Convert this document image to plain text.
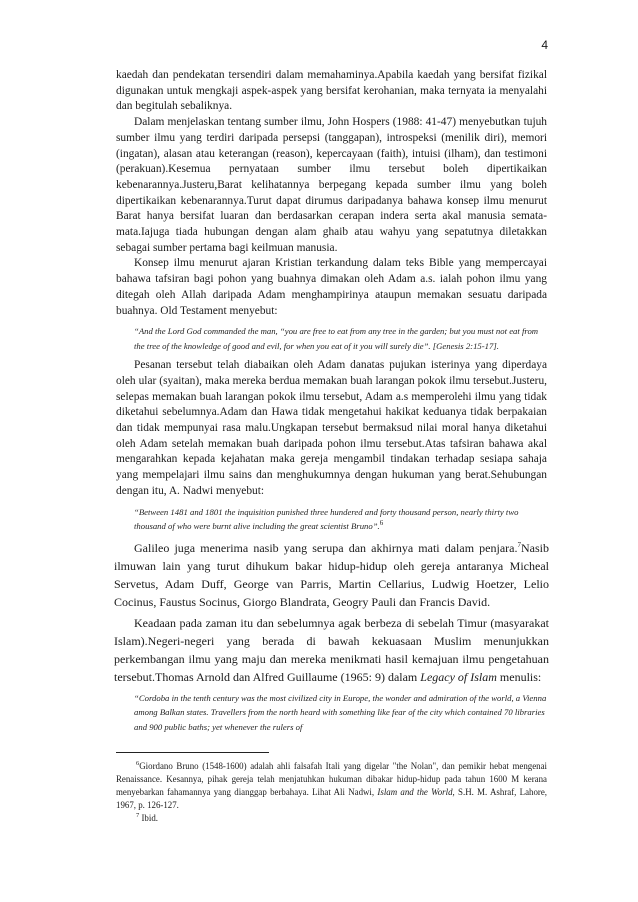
4

kaedah dan pendekatan tersendiri dalam memahaminya.Apabila kaedah yang bersifat fizikal digunakan untuk mengkaji aspek-aspek yang bersifat kerohanian, maka ternyata ia menyalahi dan begitulah sebaliknya.

Dalam menjelaskan tentang sumber ilmu, John Hospers (1988: 41-47) menyebutkan tujuh sumber ilmu yang terdiri daripada persepsi (tanggapan), introspeksi (menilik diri), memori (ingatan), alasan atau keterangan (reason), kepercayaan (faith), intuisi (ilham), dan testimoni (perakuan).Kesemua pernyataan sumber ilmu tersebut boleh dipertikaikan kebenarannya.Justeru,Barat kelihatannya berpegang kepada sumber ilmu yang boleh dipertikaikan kebenarannya.Turut dapat dirumus daripadanya bahawa konsep ilmu menurut Barat hanya bersifat luaran dan berdasarkan cerapan indera serta akal manusia semata-mata.Iajuga tiada hubungan dengan alam ghaib atau wahyu yang sepatutnya diletakkan sebagai sumber pertama bagi keilmuan manusia.

Konsep ilmu menurut ajaran Kristian terkandung dalam teks Bible yang mempercayai bahawa tafsiran bagi pohon yang buahnya dimakan oleh Adam a.s. ialah pohon ilmu yang ditegah oleh Allah daripada Adam menghampirinya ataupun memakan sesuatu daripada buahnya. Old Testament menyebut:

“And the Lord God commanded the man, “you are free to eat from any tree in the garden; but you must not eat from the tree of the knowledge of good and evil, for when you eat of it you will surely die”. [Genesis 2:15-17].

Pesanan tersebut telah diabaikan oleh Adam danatas pujukan isterinya yang diperdaya oleh ular (syaitan), maka mereka berdua memakan buah larangan pokok ilmu tersebut.Justeru, selepas memakan buah larangan pokok ilmu tersebut, Adam a.s memperolehi ilmu yang tidak diketahui sebelumnya.Adam dan Hawa tidak mengetahui hakikat keduanya tidak berpakaian dan tidak mempunyai rasa malu.Ungkapan tersebut bermaksud nilai moral hanya diketahui oleh Adam setelah memakan buah daripada pohon ilmu tersebut.Atas tafsiran bahawa akal mengarahkan kepada kejahatan maka gereja mengambil tindakan terhadap sesiapa sahaja yang mempelajari ilmu sains dan menghukumnya dengan hukuman yang berat.Sehubungan dengan itu, A. Nadwi menyebut:

“Between 1481 and 1801 the inquisition punished three hundered and forty thousand person, nearly thirty two thousand of who were burnt alive including the great scientist Bruno”.$^6$

Galileo juga menerima nasib yang serupa dan akhirnya mati dalam penjara.$^7$Nasib ilmuwan lain yang turut dihukum bakar hidup-hidup oleh gereja antaranya Micheal Servetus, Adam Duff, George van Parris, Martin Cellarius, Ludwig Hoetzer, Lelio Cocinus, Faustus Socinus, Giorgo Blandrata, Geogry Pauli dan Francis David.

Keadaan pada zaman itu dan sebelumnya agak berbeza di sebelah Timur (masyarakat Islam).Negeri-negeri yang berada di bawah kekuasaan Muslim menunjukkan perkembangan ilmu yang maju dan mereka menikmati hasil kemajuan ilmu pengetahuan tersebut.Thomas Arnold dan Alfred Guillaume (1965: 9) dalam Legacy of Islam menulis:

“Cordoba in the tenth century was the most civilized city in Europe, the wonder and admiration of the world, a Vienna among Balkan states. Travellers from the north heard with something like fear of the city which contained 70 libraries and 900 public baths; yet whenever the rulers of

$^6$Giordano Bruno (1548-1600) adalah ahli falsafah Itali yang digelar "the Nolan", dan pemikir hebat mengenai Renaissance. Kesannya, pihak gereja telah menjatuhkan hukuman dibakar hidup-hidup pada tahun 1600 M kerana menyebarkan fahamannya yang dianggap berbahaya. Lihat Ali Nadwi, Islam and the World, S.H. M. Ashraf, Lahore, 1967, p. 126-127.

$^7$ Ibid.
